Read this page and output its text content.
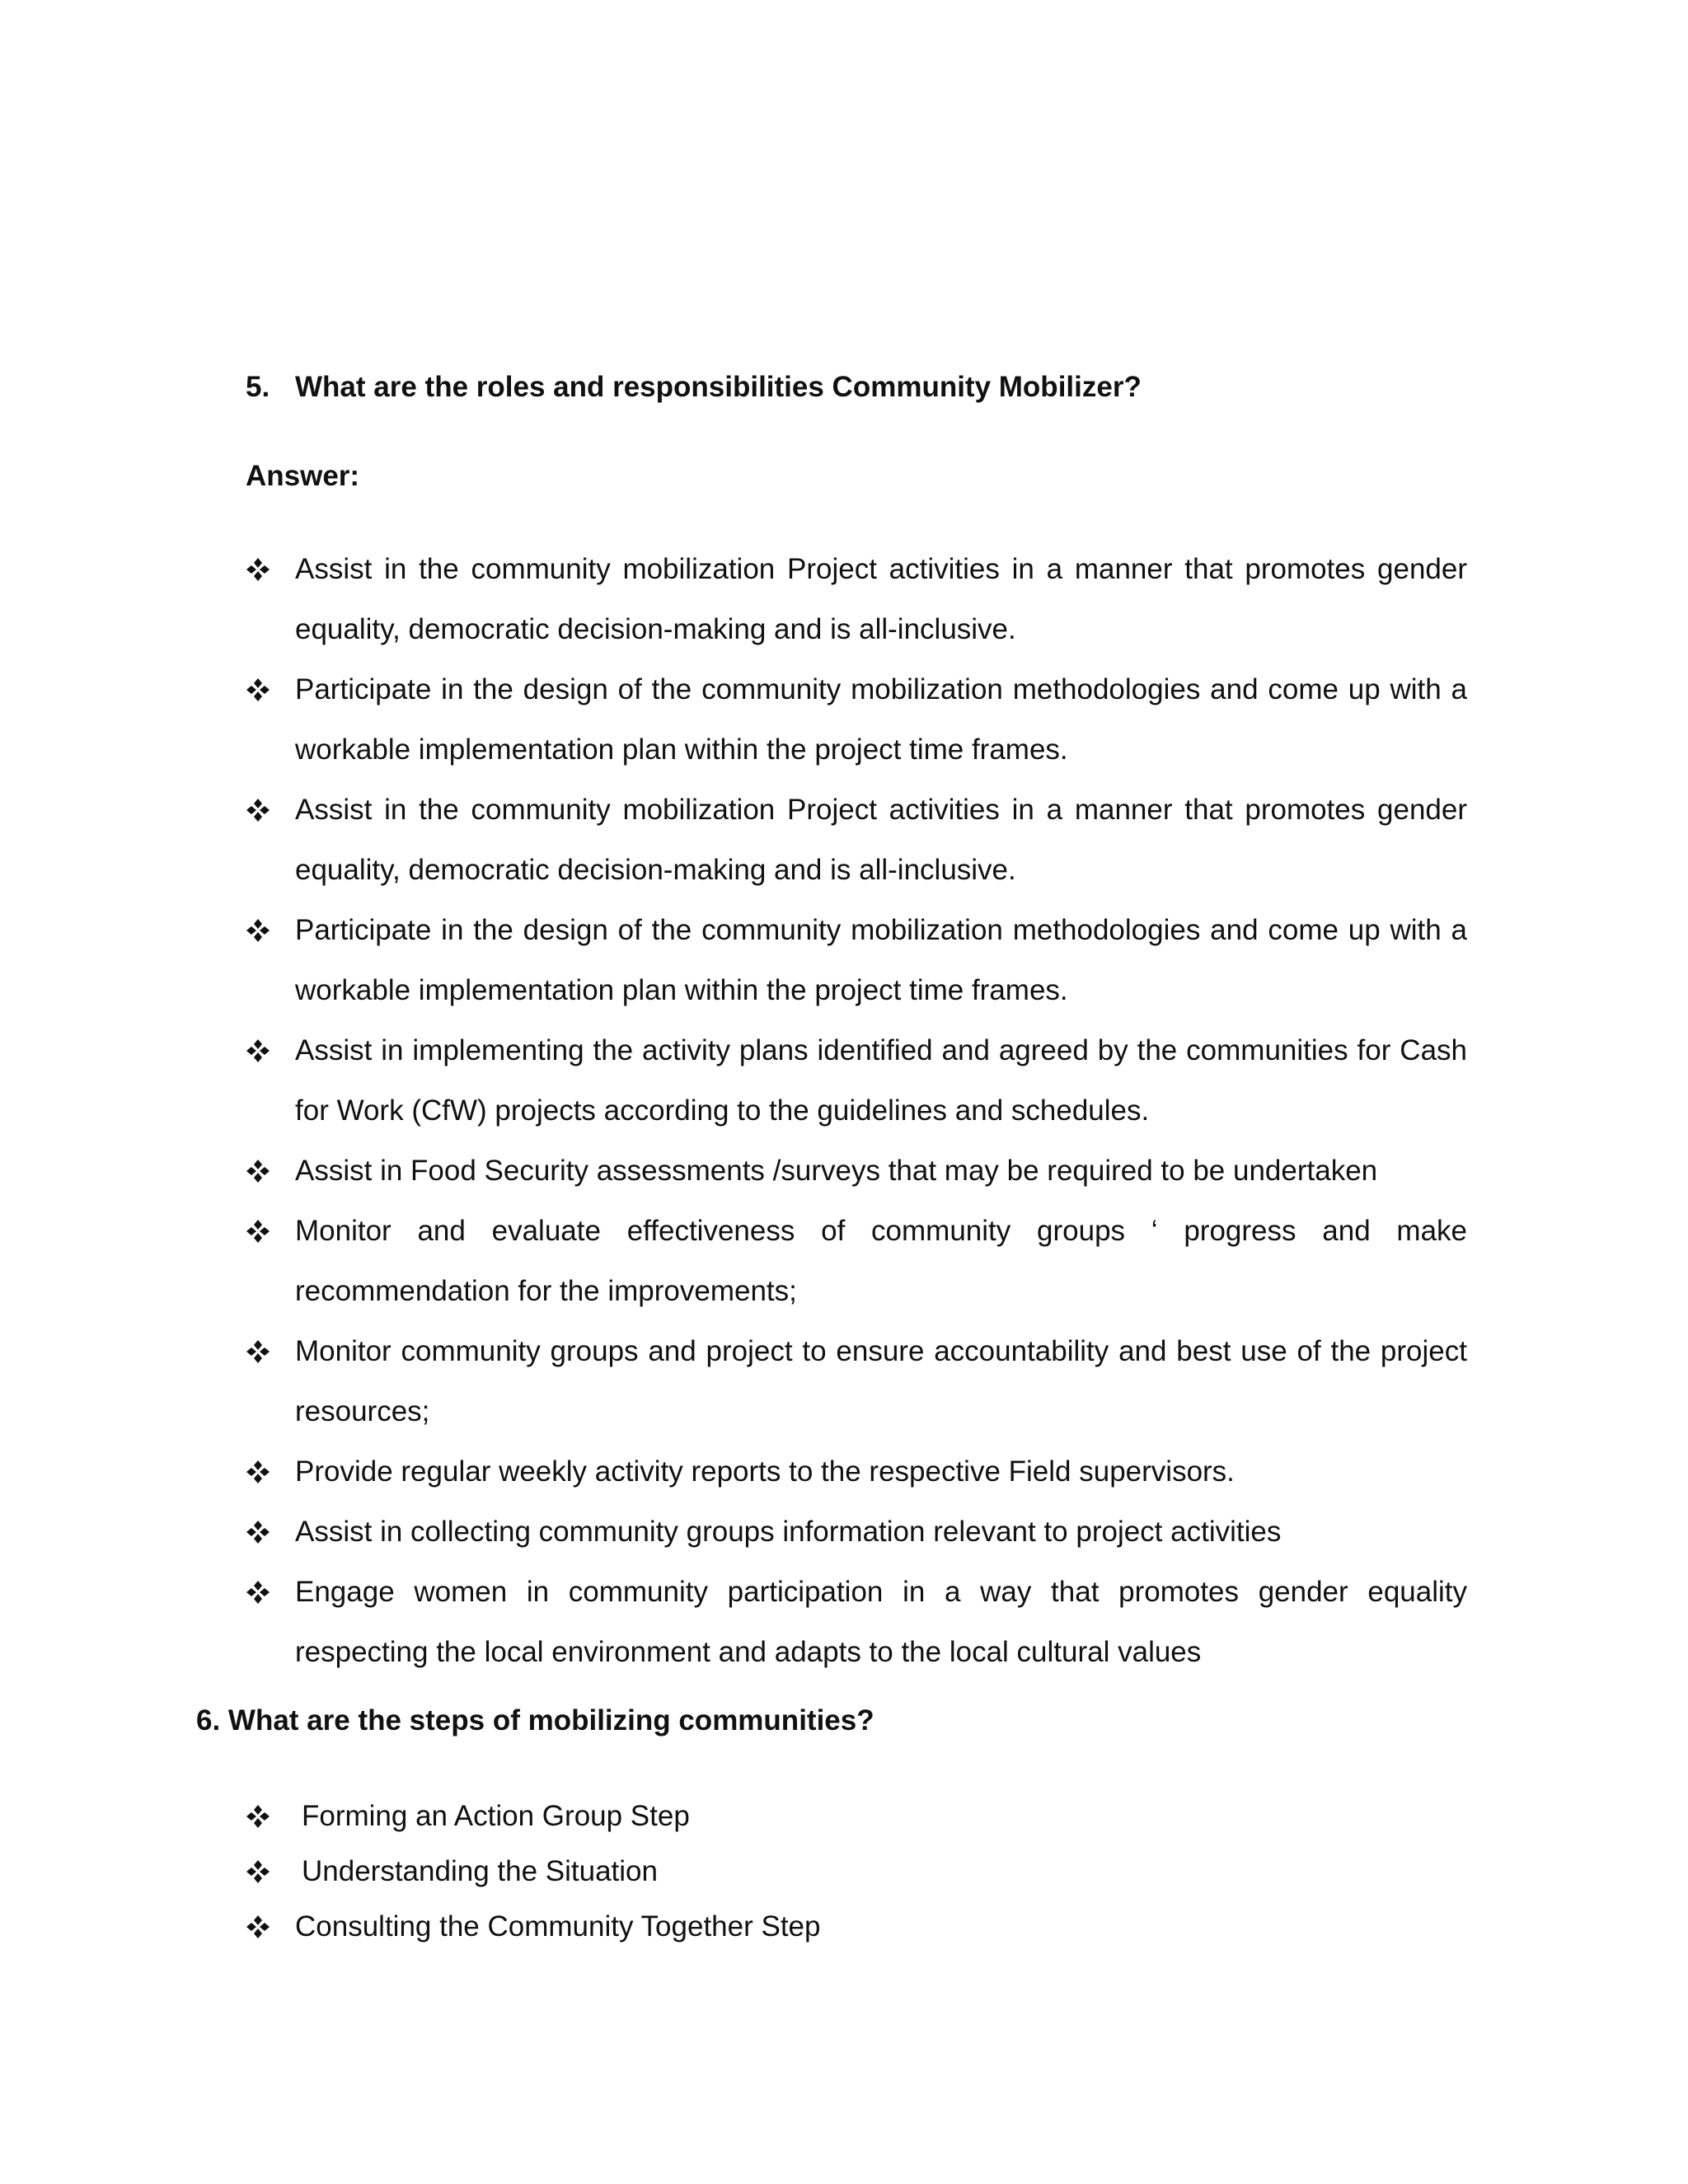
5. What are the roles and responsibilities Community Mobilizer?
Answer:
Assist in the community mobilization Project activities in a manner that promotes gender equality, democratic decision-making and is all-inclusive.
Participate in the design of the community mobilization methodologies and come up with a workable implementation plan within the project time frames.
Assist in the community mobilization Project activities in a manner that promotes gender equality, democratic decision-making and is all-inclusive.
Participate in the design of the community mobilization methodologies and come up with a workable implementation plan within the project time frames.
Assist in implementing the activity plans identified and agreed by the communities for Cash for Work (CfW) projects according to the guidelines and schedules.
Assist in Food Security assessments /surveys that may be required to be undertaken
Monitor and evaluate effectiveness of community groups ‘ progress and make recommendation for the improvements;
Monitor community groups and project to ensure accountability and best use of the project resources;
Provide regular weekly activity reports to the respective Field supervisors.
Assist in collecting community groups information relevant to project activities
Engage women in community participation in a way that promotes gender equality respecting the local environment and adapts to the local cultural values
6. What are the steps of mobilizing communities?
Forming an Action Group Step
Understanding the Situation
Consulting the Community Together Step
